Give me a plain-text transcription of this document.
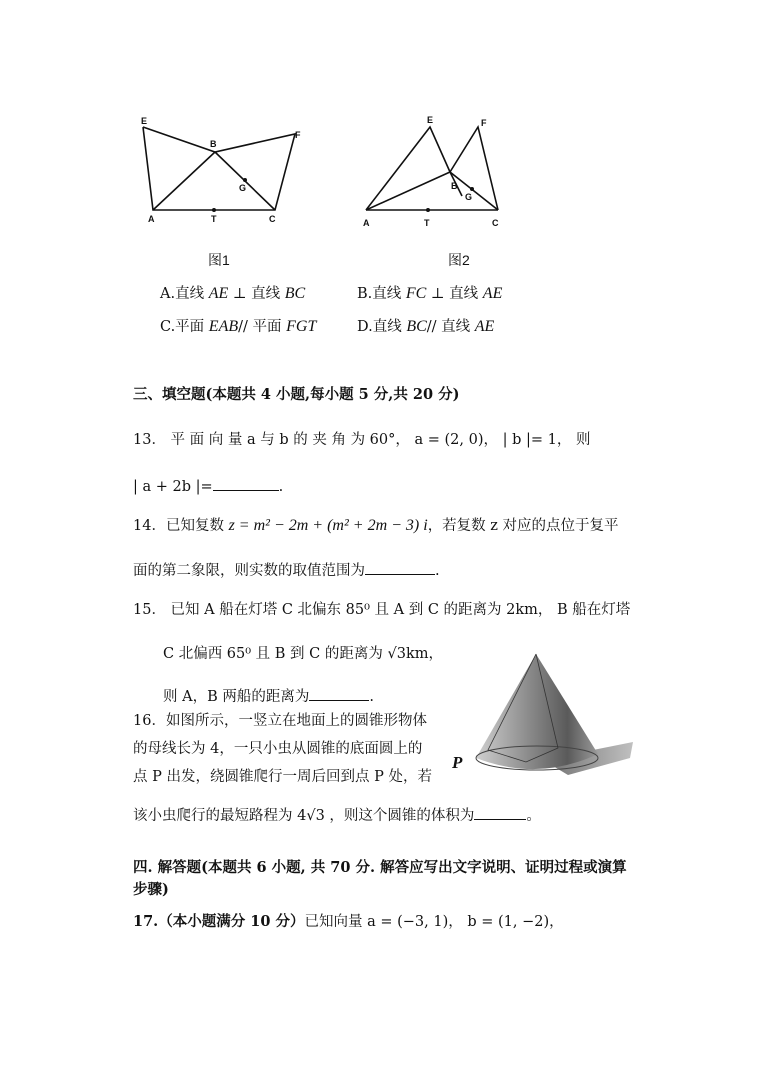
E
B
F
G
A	T	C
图1
E	F
B
G
A	T	C
图2
A.直线 AE ⊥ 直线 BC	B.直线 FC ⊥ 直线 AE
C.平面 EAB// 平面 FGT	D.直线 BC// 直线 AE
三、填空题(本题共 4 小题,每小题 5 分,共 20 分)
13． 平 面 向 量 a 与 b 的 夹 角 为 60°， a = (2, 0)， | b |= 1， 则
| a + 2b |=	.
14．已知复数 z = m² − 2m + (m² + 2m − 3) i，若复数 z 对应的点位于复平
面的第二象限，则实数的取值范围为	.
15． 已知 A 船在灯塔 C 北偏东 85⁰ 且 A 到 C 的距离为 2km， B 船在灯塔
C 北偏西 65⁰ 且 B 到 C 的距离为 √3km，
则 A，B 两船的距离为	.
16．如图所示，一竖立在地面上的圆锥形物体
的母线长为 4，一只小虫从圆锥的底面圆上的
点 P 出发，绕圆锥爬行一周后回到点 P 处，若
该小虫爬行的最短路程为 4√3 ，则这个圆锥的体积为	。
P
四. 解答题(本题共 6 小题, 共 70 分. 解答应写出文字说明、证明过程或演算
步骤)
17.（本小题满分 10 分）已知向量 a = (−3, 1)， b = (1, −2)，
